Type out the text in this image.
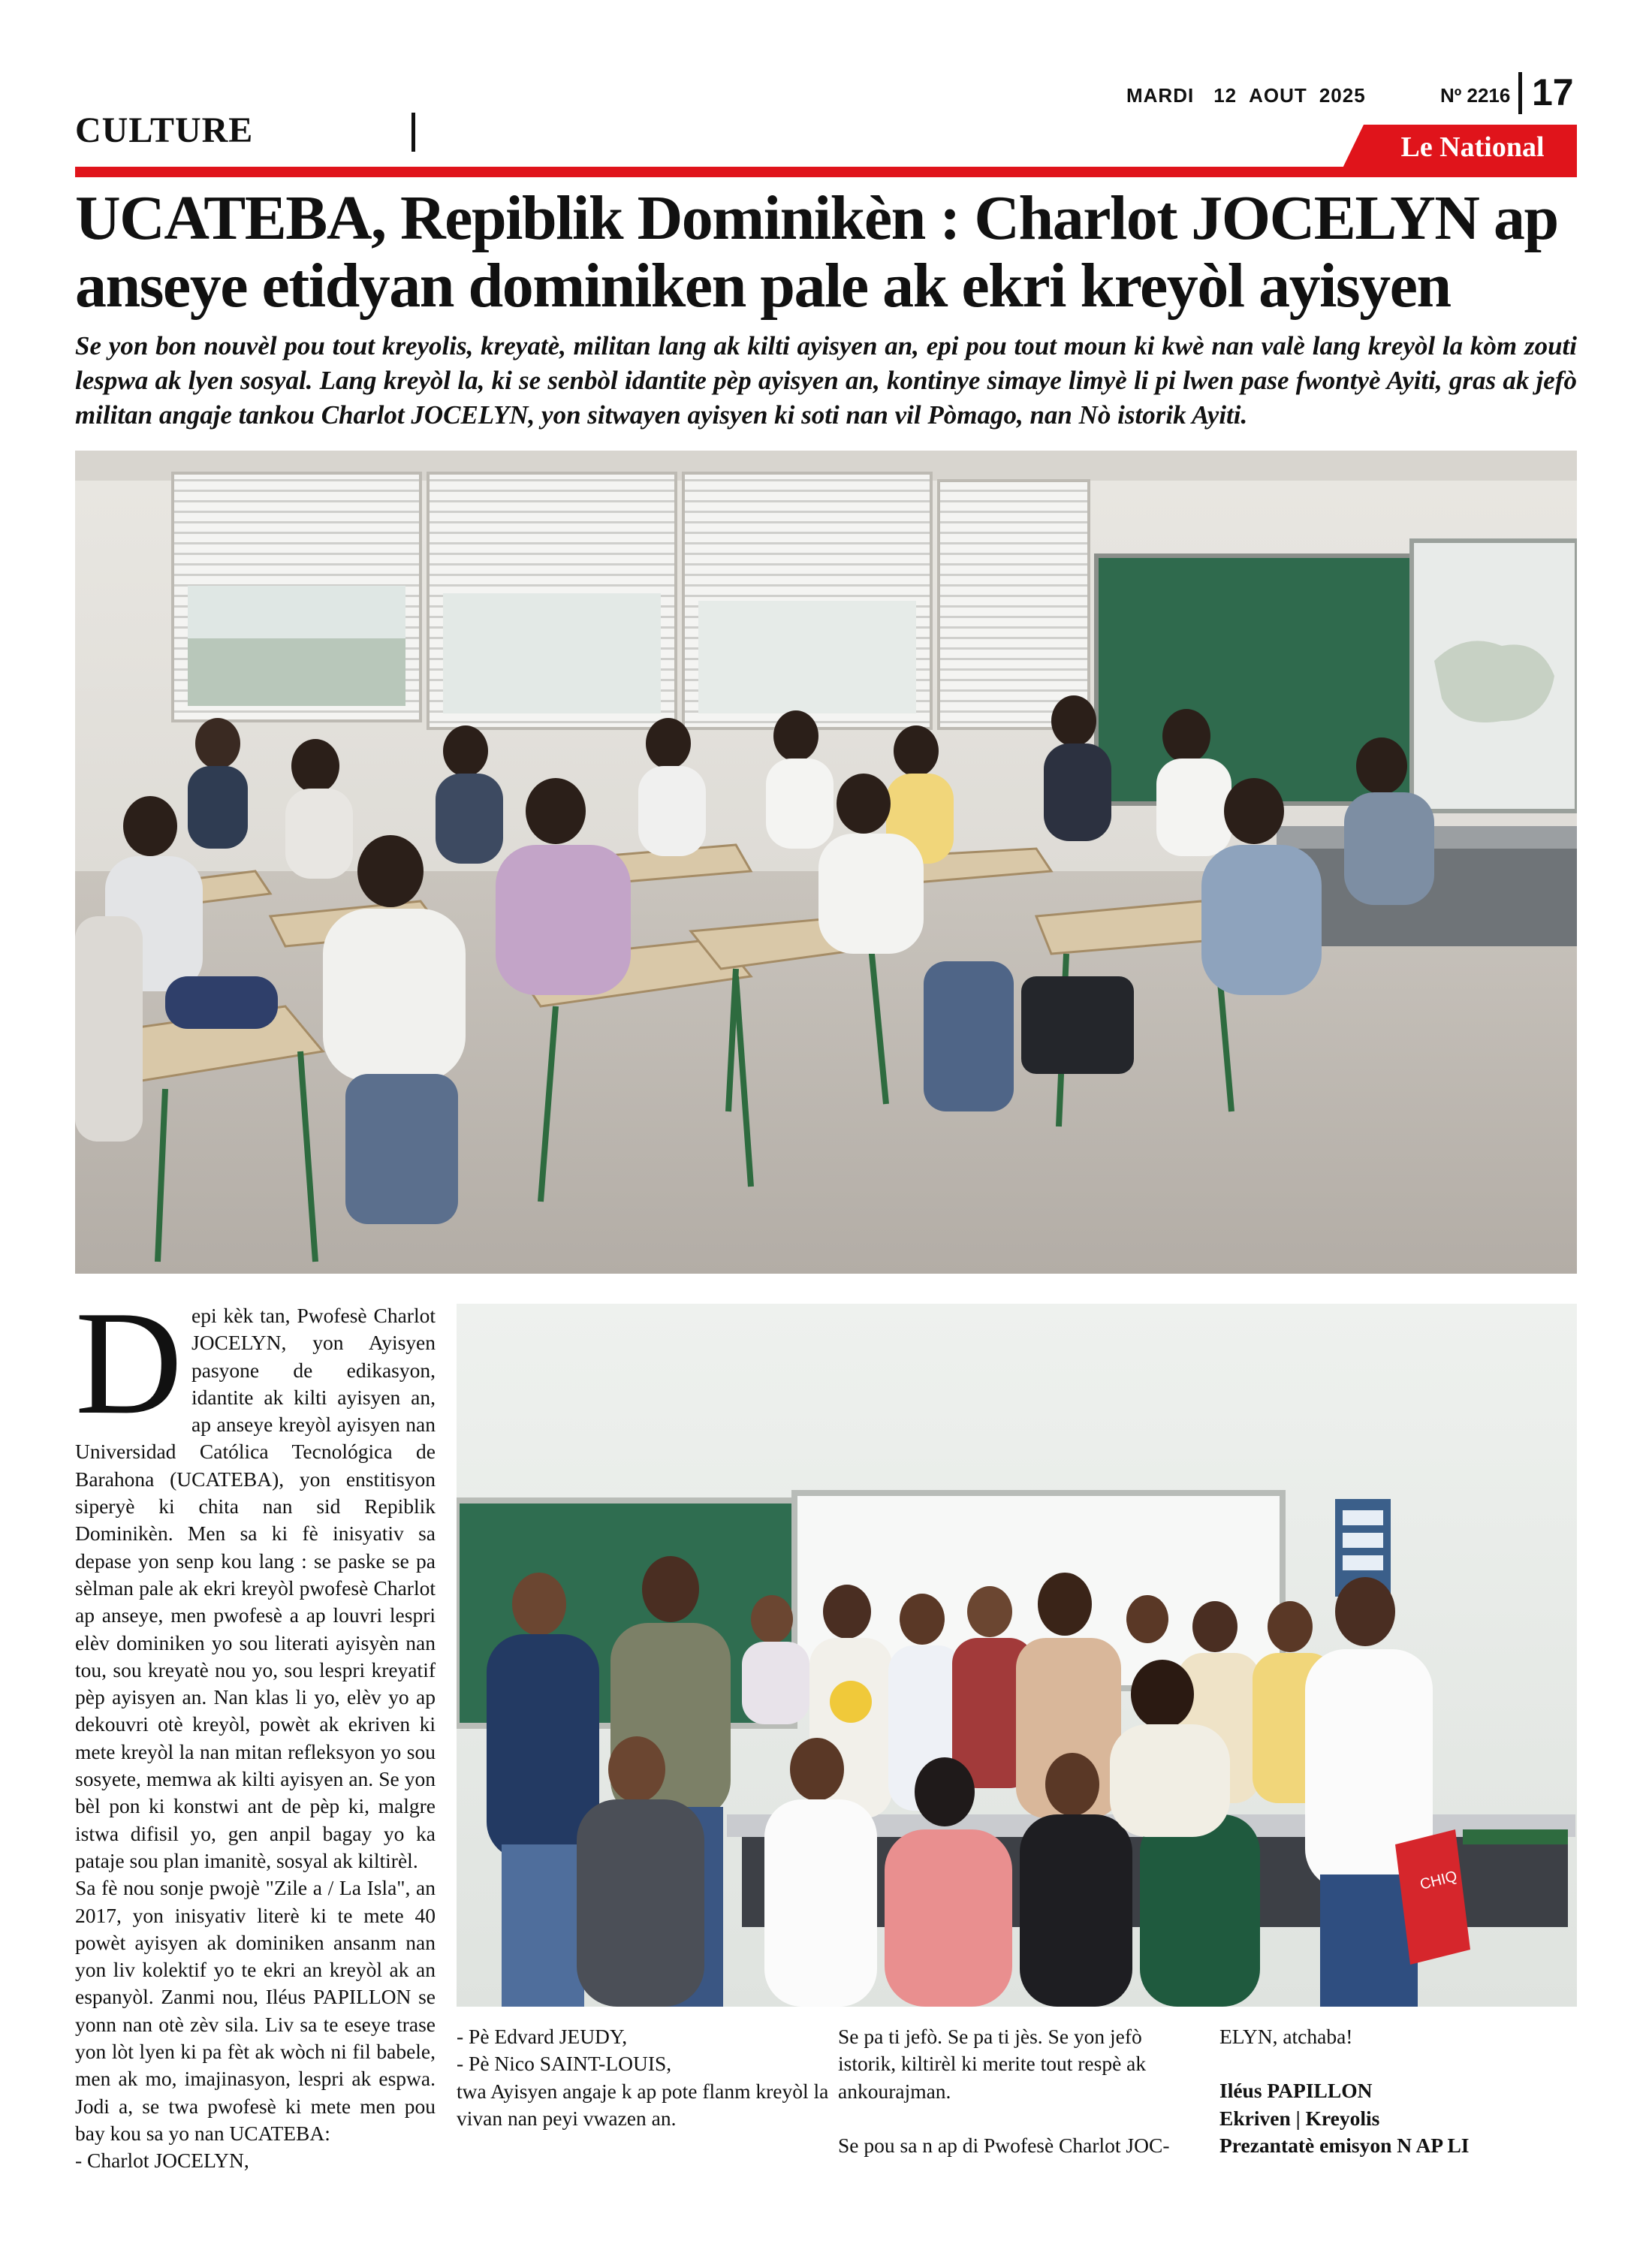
CULTURE
MARDI 12 AOUT 2025	Nº 2216 17
Le National
UCATEBA, Repiblik Dominikèn : Charlot JOCELYN ap anseye etidyan dominiken pale ak ekri kreyòl ayisyen
Se yon bon nouvèl pou tout kreyolis, kreyatè, militan lang ak kilti ayisyen an, epi pou tout moun ki kwè nan valè lang kreyòl la kòm zouti lespwa ak lyen sosyal. Lang kreyòl la, ki se senbòl idantite pèp ayisyen an, kontinye simaye limyè li pi lwen pase fwontyè Ayiti, gras ak jefò militan angaje tankou Charlot JOCELYN, yon sitwayen ayisyen ki soti nan vil Pòmago, nan Nò istorik Ayiti.
CHIQ
D epi kèk tan, Pwofesè Charlot JOCELYN, yon Ayisyen pasyone de edikasyon, idantite ak kilti ayisyen an, ap anseye kreyòl ayisyen nan Universidad Católica Tecnológica de Barahona (UCATEBA), yon enstitisyon siperyè ki chita nan sid Repiblik Dominikèn. Men sa ki fè inisyativ sa depase yon senp kou lang : se paske se pa sèlman pale ak ekri kreyòl pwofesè Charlot ap anseye, men pwofesè a ap louvri lespri elèv dominiken yo sou literati ayisyèn nan tou, sou kreyatè nou yo, sou lespri kreyatif pèp ayisyen an. Nan klas li yo, elèv yo ap dekouvri otè kreyòl, powèt ak ekriven ki mete kreyòl la nan mitan refleksyon yo sou sosyete, memwa ak kilti ayisyen an. Se yon bèl pon ki konstwi ant de pèp ki, malgre istwa difisil yo, gen anpil bagay yo ka pataje sou plan imanitè, sosyal ak kiltirèl.

Sa fè nou sonje pwojè "Zile a / La Isla", an 2017, yon inisyativ literè ki te mete 40 powèt ayisyen ak dominiken ansanm nan yon liv kolektif yo te ekri an kreyòl ak an espanyòl. Zanmi nou, Iléus PAPILLON se yonn nan otè zèv sila. Liv sa te eseye trase yon lòt lyen ki pa fèt ak wòch ni fil babele, men ak mo, imajinasyon, lespri ak espwa. Jodi a, se twa pwofesè ki mete men pou bay kou sa yo nan UCATEBA:

- Charlot JOCELYN,

- Pè Edvard JEUDY,
- Pè Nico SAINT-LOUIS,

twa Ayisyen angaje k ap pote flanm kreyòl la vivan nan peyi vwazen an.

Se pa ti jefò. Se pa ti jès. Se yon jefò istorik, kiltirèl ki merite tout respè ak ankourajman.

Se pou sa n ap di Pwofesè Charlot JOC-

ELYN, atchaba!

Iléus PAPILLON
Ekriven | Kreyolis
Prezantatè emisyon N AP LI
